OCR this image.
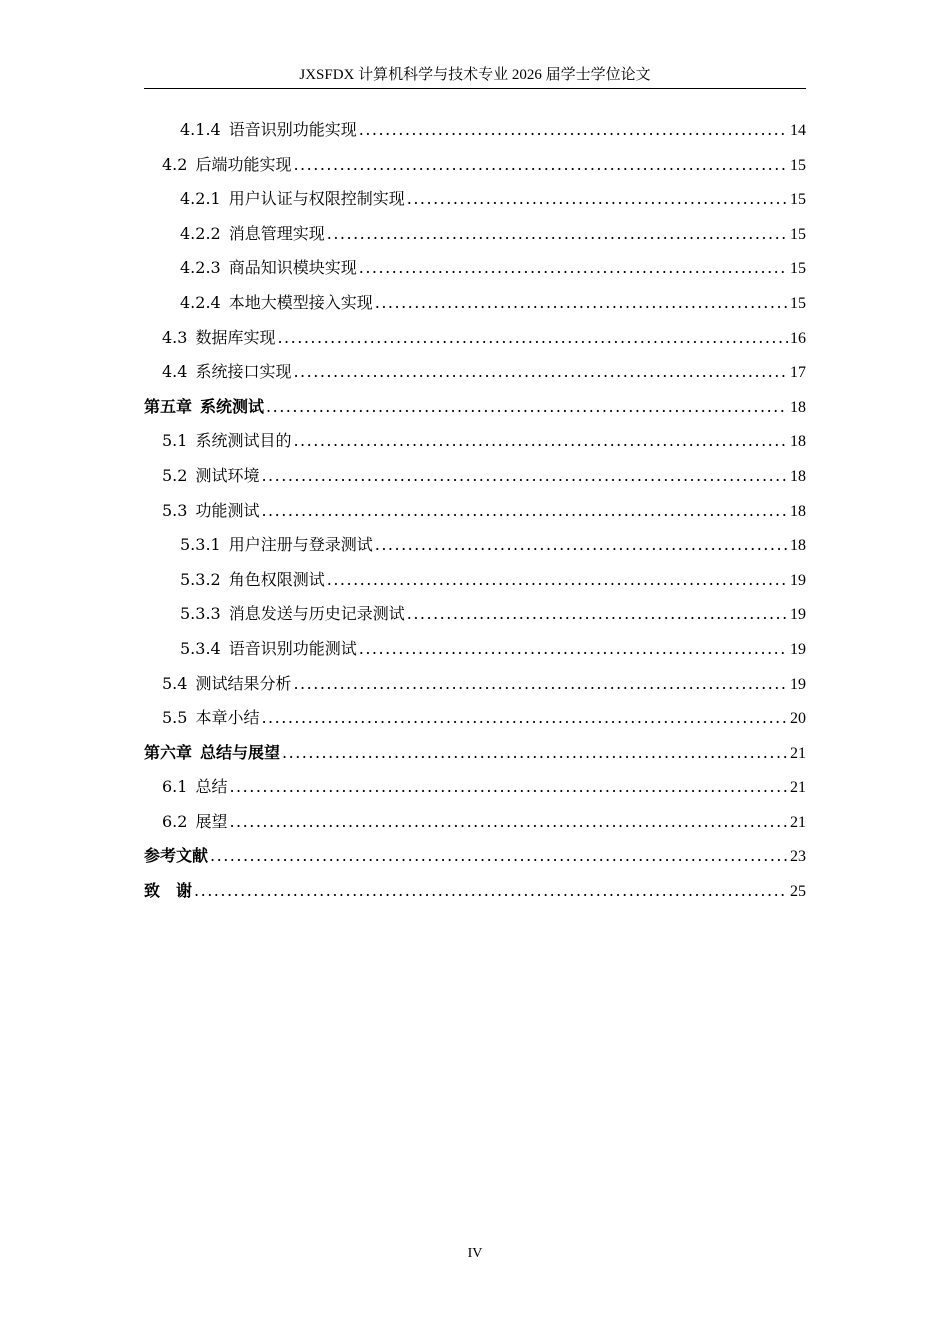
JXSFDX 计算机科学与技术专业 2026 届学士学位论文
4.1.4 语音识别功能实现 .....	14
4.2 后端功能实现 .....	15
4.2.1 用户认证与权限控制实现 .....	15
4.2.2 消息管理实现 .....	15
4.2.3 商品知识模块实现 .....	15
4.2.4 本地大模型接入实现 .....	15
4.3 数据库实现 .....	16
4.4 系统接口实现 .....	17
第五章 系统测试 .....	18
5.1 系统测试目的 .....	18
5.2 测试环境 .....	18
5.3 功能测试 .....	18
5.3.1 用户注册与登录测试 .....	18
5.3.2 角色权限测试 .....	19
5.3.3 消息发送与历史记录测试 .....	19
5.3.4 语音识别功能测试 .....	19
5.4 测试结果分析 .....	19
5.5 本章小结 .....	20
第六章 总结与展望 .....	21
6.1 总结 .....	21
6.2 展望 .....	21
参考文献 .....	23
致　谢 .....	25
IV
